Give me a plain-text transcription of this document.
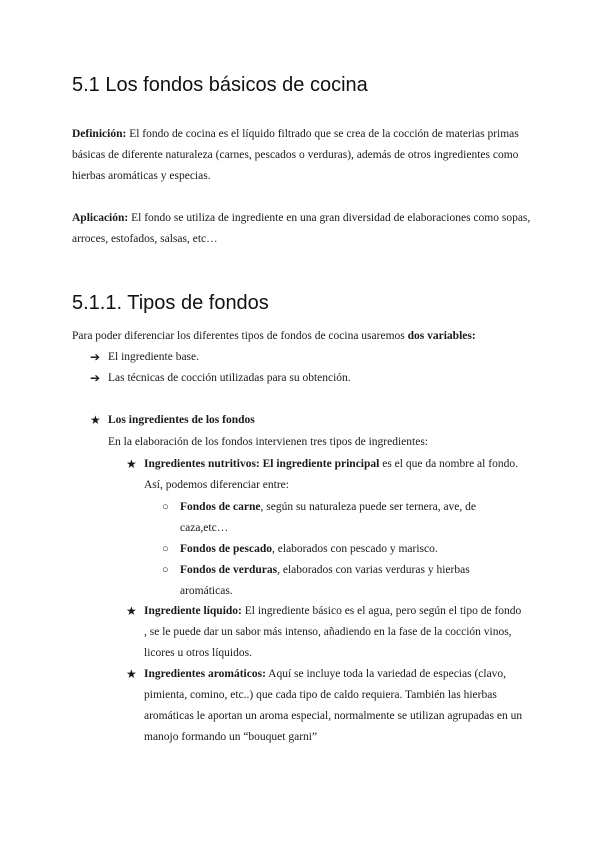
5.1 Los fondos básicos de cocina
Definición: El fondo de cocina es el líquido filtrado que se crea de la cocción de materias primas básicas de diferente naturaleza (carnes, pescados o verduras), además de otros ingredientes como hierbas aromáticas y especias.
Aplicación: El fondo se utiliza de ingrediente en una gran diversidad de elaboraciones como sopas, arroces, estofados, salsas, etc…
5.1.1. Tipos de fondos
Para poder diferenciar los diferentes tipos de fondos de cocina usaremos dos variables:
➔ El ingrediente base.
➔ Las técnicas de cocción utilizadas para su obtención.
★ Los ingredientes de los fondos
En la elaboración de los fondos intervienen tres tipos de ingredientes:
★ Ingredientes nutritivos: El ingrediente principal es el que da nombre al fondo. Así, podemos diferenciar entre:
○ Fondos de carne, según su naturaleza puede ser ternera, ave, de caza,etc…
○ Fondos de pescado, elaborados con pescado y marisco.
○ Fondos de verduras, elaborados con varias verduras y hierbas aromáticas.
★ Ingrediente líquido: El ingrediente básico es el agua, pero según el tipo de fondo , se le puede dar un sabor más intenso, añadiendo en la fase de la cocción vinos, licores u otros líquidos.
★ Ingredientes aromáticos: Aquí se incluye toda la variedad de especias (clavo, pimienta, comino, etc..) que cada tipo de caldo requiera. También las hierbas aromáticas le aportan un aroma especial, normalmente se utilizan agrupadas en un manojo formando un “bouquet garni”
